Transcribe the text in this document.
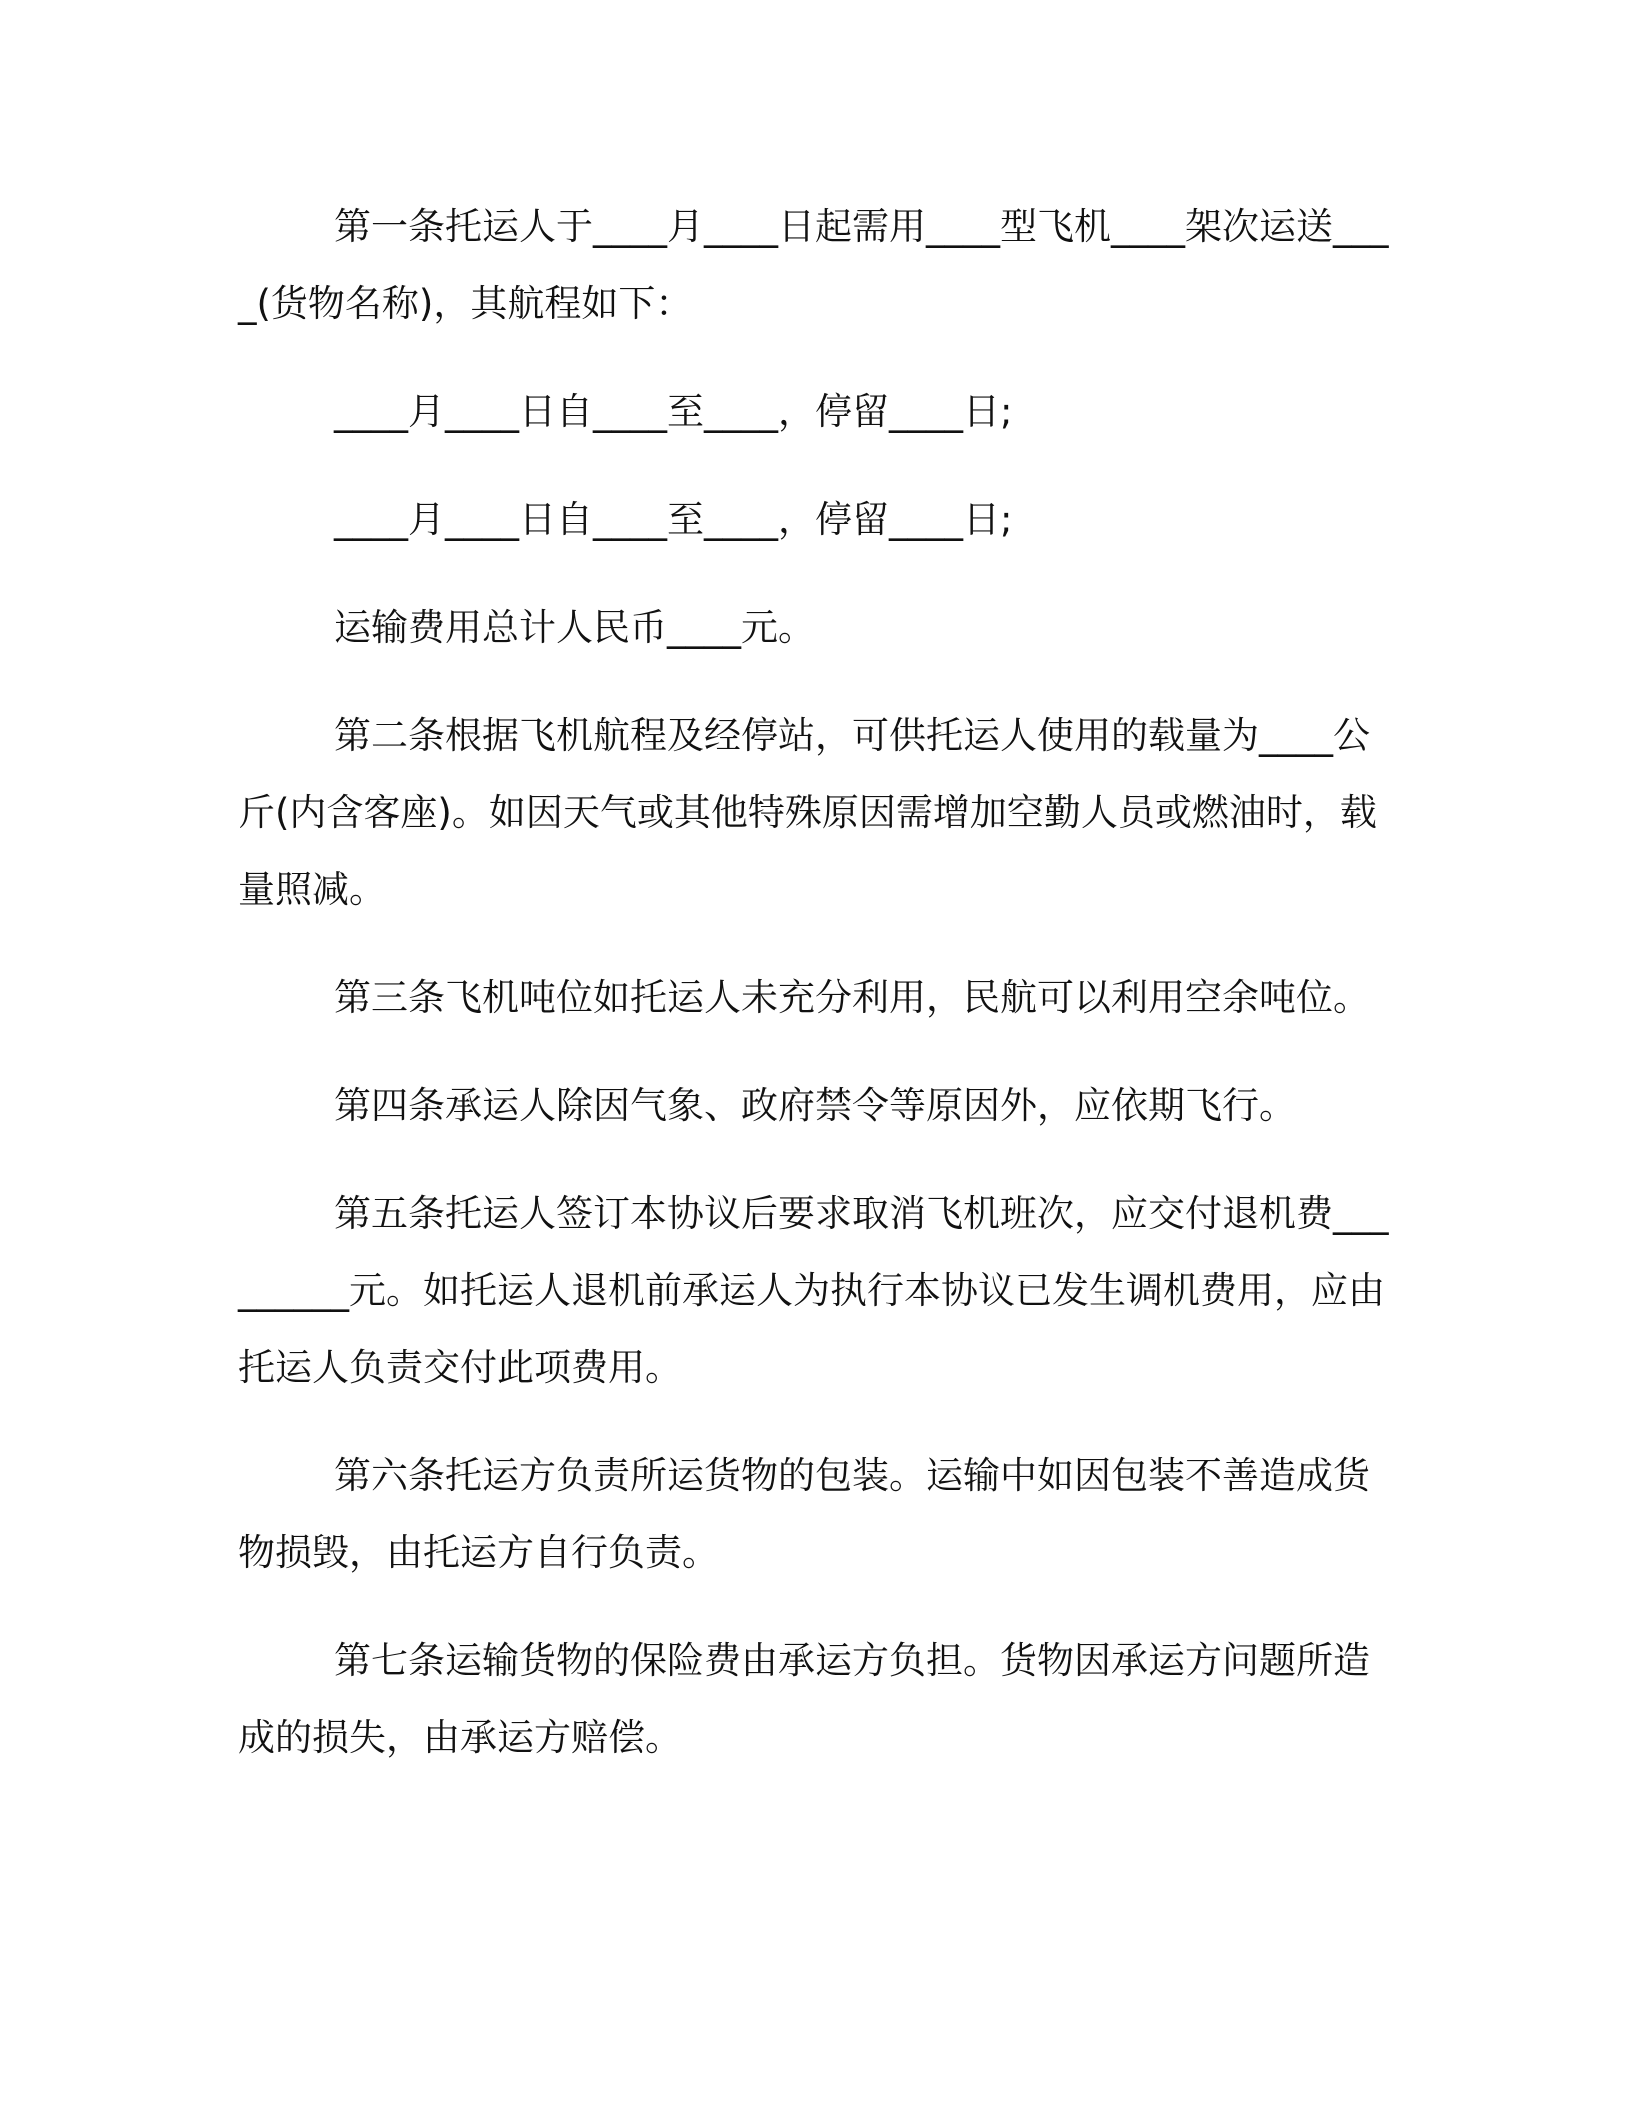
第一条托运人于____月____日起需用____型飞机____架次运送____(货物名称)，其航程如下：

____月____日自____至____，停留____日;

____月____日自____至____，停留____日;

运输费用总计人民币____元。

第二条根据飞机航程及经停站，可供托运人使用的载量为____公斤(内含客座)。如因天气或其他特殊原因需增加空勤人员或燃油时，载量照减。

第三条飞机吨位如托运人未充分利用，民航可以利用空余吨位。

第四条承运人除因气象、政府禁令等原因外，应依期飞行。

第五条托运人签订本协议后要求取消飞机班次，应交付退机费_________元。如托运人退机前承运人为执行本协议已发生调机费用，应由托运人负责交付此项费用。

第六条托运方负责所运货物的包装。运输中如因包装不善造成货物损毁，由托运方自行负责。

第七条运输货物的保险费由承运方负担。货物因承运方问题所造成的损失，由承运方赔偿。
